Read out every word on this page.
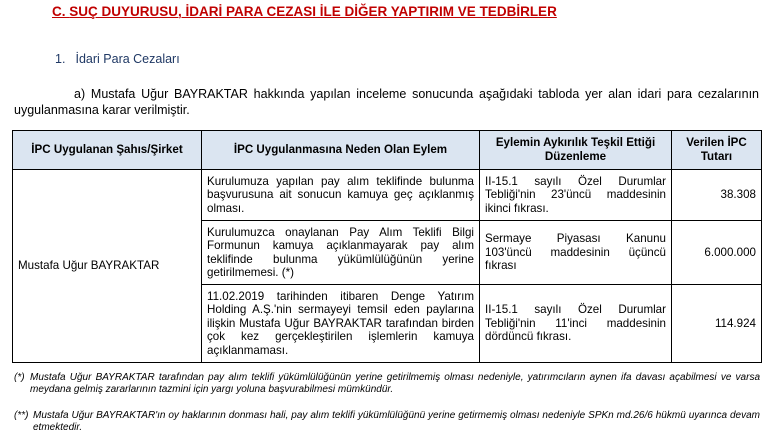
C. SUÇ DUYURUSU, İDARİ PARA CEZASI İLE DİĞER YAPTIRIM VE TEDBİRLER
1. İdari Para Cezaları
a) Mustafa Uğur BAYRAKTAR hakkında yapılan inceleme sonucunda aşağıdaki tabloda yer alan idari para cezalarının uygulanmasına karar verilmiştir.
İPC Uygulanan Şahıs/Şirket	İPC Uygulanmasına Neden Olan Eylem	Eylemin Aykırılık Teşkil Ettiği Düzenleme	Verilen İPC Tutarı
Mustafa Uğur BAYRAKTAR	Kurulumuza yapılan pay alım teklifinde bulunma başvurusuna ait sonucun kamuya geç açıklanmış olması.	II-15.1 sayılı Özel Durumlar Tebliği'nin 23'üncü maddesinin ikinci fıkrası.	38.308
	Kurulumuzca onaylanan Pay Alım Teklifi Bilgi Formunun kamuya açıklanmayarak pay alım teklifinde bulunma yükümlülüğünün yerine getirilmemesi. (*)	Sermaye Piyasası Kanunu 103'üncü maddesinin üçüncü fıkrası	6.000.000
	11.02.2019 tarihinden itibaren Denge Yatırım Holding A.Ş.'nin sermayeyi temsil eden paylarına ilişkin Mustafa Uğur BAYRAKTAR tarafından birden çok kez gerçekleştirilen işlemlerin kamuya açıklanmaması.	II-15.1 sayılı Özel Durumlar Tebliği'nin 11'inci maddesinin dördüncü fıkrası.	114.924
(*) Mustafa Uğur BAYRAKTAR tarafından pay alım teklifi yükümlülüğünün yerine getirilmemiş olması nedeniyle, yatırımcıların aynen ifa davası açabilmesi ve varsa meydana gelmiş zararlarının tazmini için yargı yoluna başvurabilmesi mümkündür.
(**) Mustafa Uğur BAYRAKTAR'ın oy haklarının donması hali, pay alım teklifi yükümlülüğünü yerine getirmemiş olması nedeniyle SPKn md.26/6 hükmü uyarınca devam etmektedir.
